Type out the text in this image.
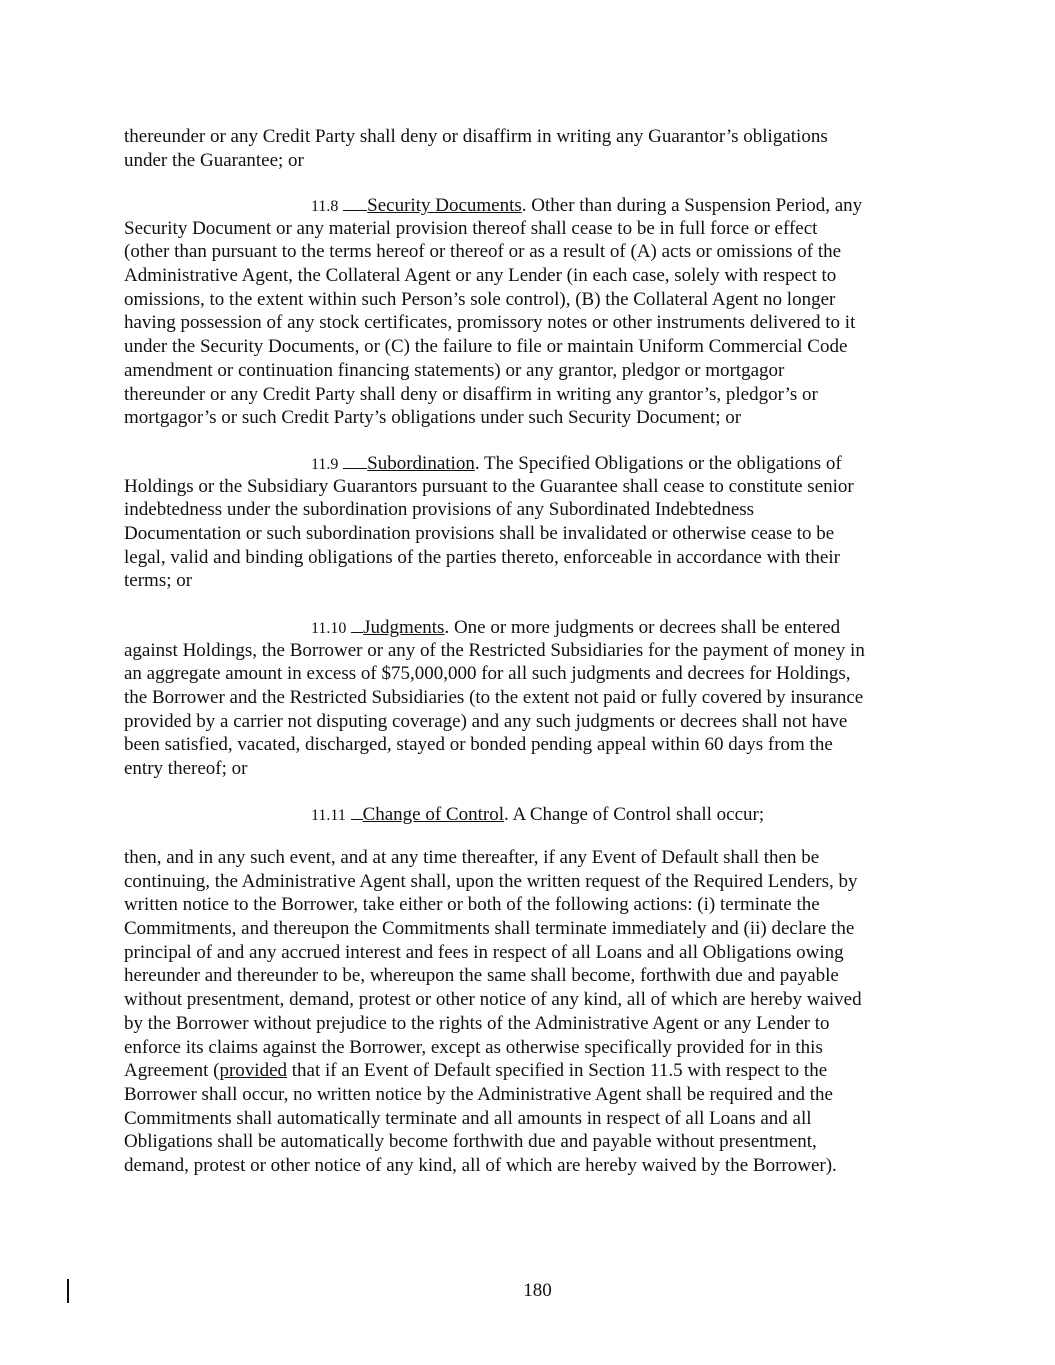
thereunder or any Credit Party shall deny or disaffirm in writing any Guarantor’s obligations
under the Guarantee; or
11.8 Security Documents. Other than during a Suspension Period, any
Security Document or any material provision thereof shall cease to be in full force or effect
(other than pursuant to the terms hereof or thereof or as a result of (A) acts or omissions of the
Administrative Agent, the Collateral Agent or any Lender (in each case, solely with respect to
omissions, to the extent within such Person’s sole control), (B) the Collateral Agent no longer
having possession of any stock certificates, promissory notes or other instruments delivered to it
under the Security Documents, or (C) the failure to file or maintain Uniform Commercial Code
amendment or continuation financing statements) or any grantor, pledgor or mortgagor
thereunder or any Credit Party shall deny or disaffirm in writing any grantor’s, pledgor’s or
mortgagor’s or such Credit Party’s obligations under such Security Document; or
11.9 Subordination. The Specified Obligations or the obligations of
Holdings or the Subsidiary Guarantors pursuant to the Guarantee shall cease to constitute senior
indebtedness under the subordination provisions of any Subordinated Indebtedness
Documentation or such subordination provisions shall be invalidated or otherwise cease to be
legal, valid and binding obligations of the parties thereto, enforceable in accordance with their
terms; or
11.10 Judgments. One or more judgments or decrees shall be entered
against Holdings, the Borrower or any of the Restricted Subsidiaries for the payment of money in
an aggregate amount in excess of $75,000,000 for all such judgments and decrees for Holdings,
the Borrower and the Restricted Subsidiaries (to the extent not paid or fully covered by insurance
provided by a carrier not disputing coverage) and any such judgments or decrees shall not have
been satisfied, vacated, discharged, stayed or bonded pending appeal within 60 days from the
entry thereof; or
11.11 Change of Control. A Change of Control shall occur;
then, and in any such event, and at any time thereafter, if any Event of Default shall then be
continuing, the Administrative Agent shall, upon the written request of the Required Lenders, by
written notice to the Borrower, take either or both of the following actions: (i) terminate the
Commitments, and thereupon the Commitments shall terminate immediately and (ii) declare the
principal of and any accrued interest and fees in respect of all Loans and all Obligations owing
hereunder and thereunder to be, whereupon the same shall become, forthwith due and payable
without presentment, demand, protest or other notice of any kind, all of which are hereby waived
by the Borrower without prejudice to the rights of the Administrative Agent or any Lender to
enforce its claims against the Borrower, except as otherwise specifically provided for in this
Agreement (provided that if an Event of Default specified in Section 11.5 with respect to the
Borrower shall occur, no written notice by the Administrative Agent shall be required and the
Commitments shall automatically terminate and all amounts in respect of all Loans and all
Obligations shall be automatically become forthwith due and payable without presentment,
demand, protest or other notice of any kind, all of which are hereby waived by the Borrower).
180
